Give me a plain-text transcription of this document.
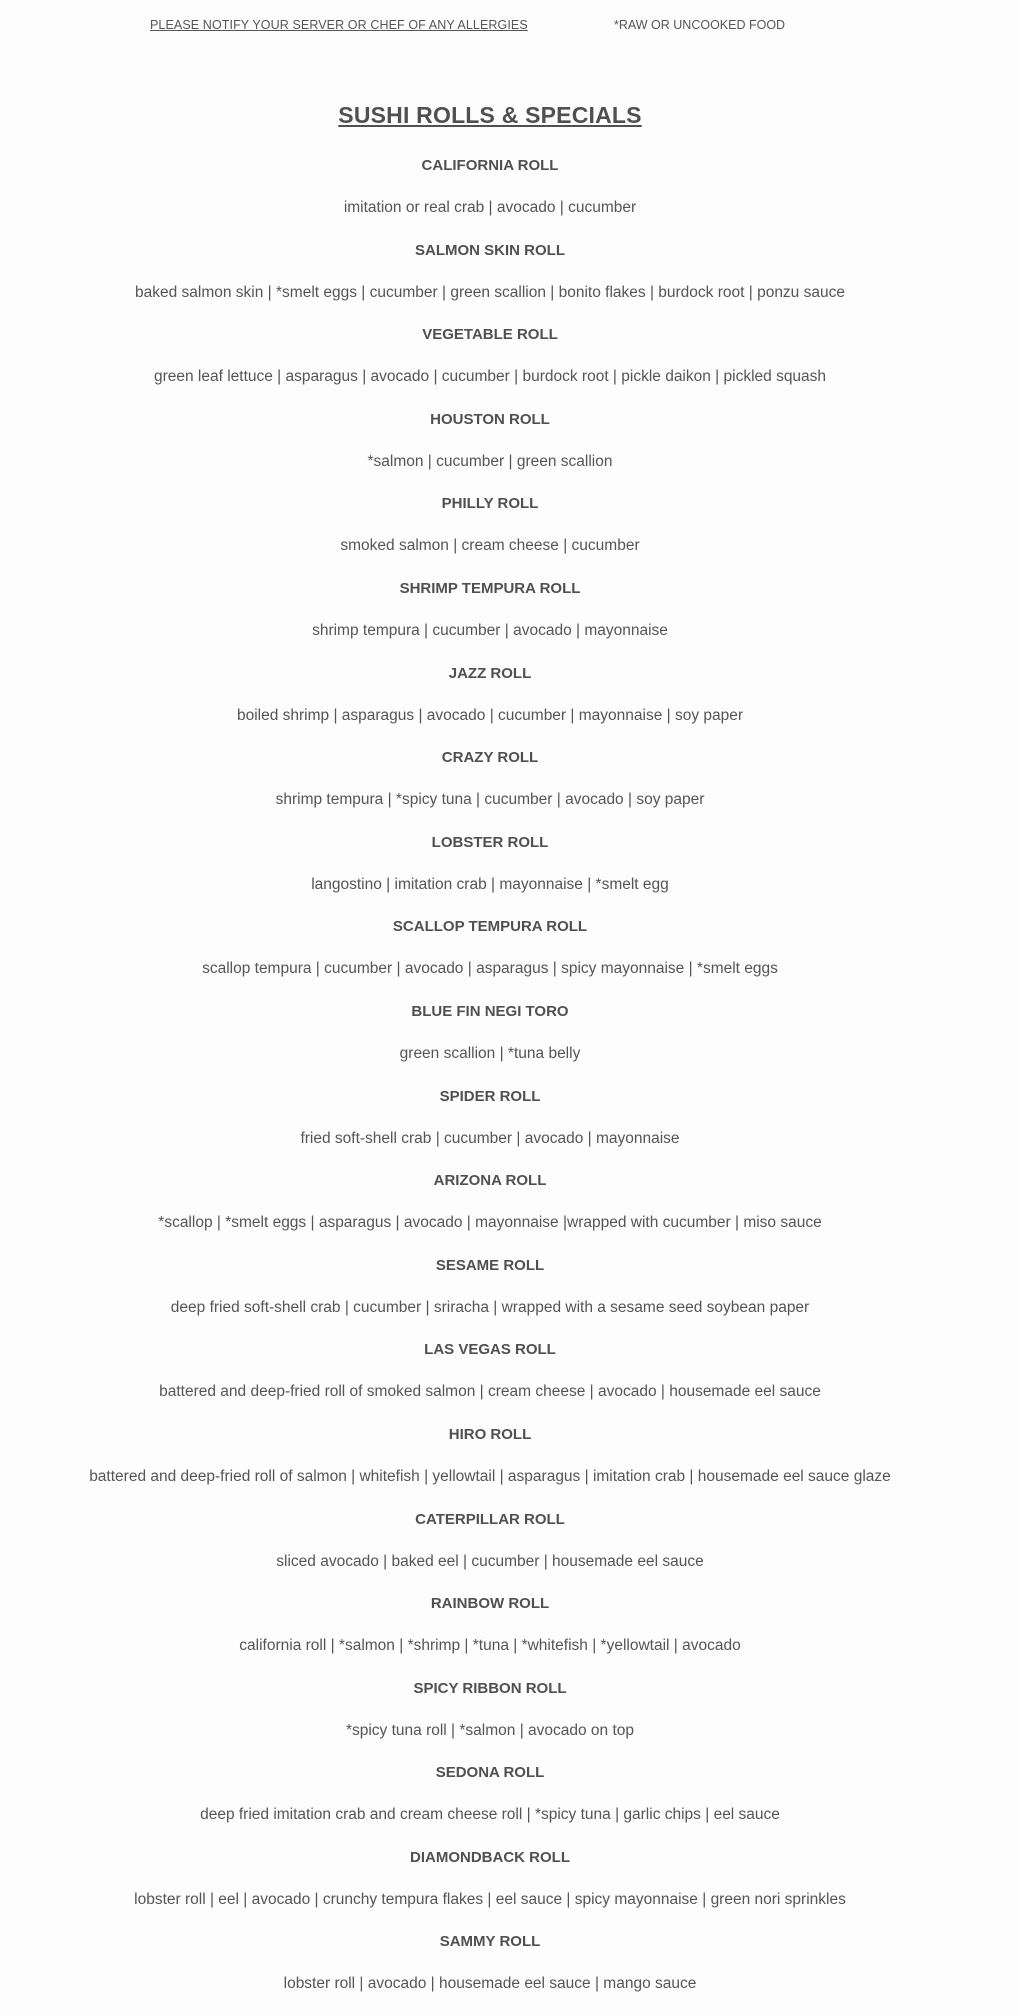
PLEASE NOTIFY YOUR SERVER OR CHEF OF ANY ALLERGIES	*RAW OR UNCOOKED FOOD
SUSHI ROLLS & SPECIALS
CALIFORNIA ROLL
imitation or real crab | avocado | cucumber
SALMON SKIN ROLL
baked salmon skin | *smelt eggs | cucumber | green scallion | bonito flakes | burdock root | ponzu sauce
VEGETABLE ROLL
green leaf lettuce | asparagus | avocado | cucumber | burdock root | pickle daikon | pickled squash
HOUSTON ROLL
*salmon | cucumber | green scallion
PHILLY ROLL
smoked salmon | cream cheese | cucumber
SHRIMP TEMPURA ROLL
shrimp tempura | cucumber | avocado | mayonnaise
JAZZ ROLL
boiled shrimp | asparagus | avocado | cucumber | mayonnaise | soy paper
CRAZY ROLL
shrimp tempura | *spicy tuna | cucumber | avocado | soy paper
LOBSTER ROLL
langostino | imitation crab | mayonnaise | *smelt egg
SCALLOP TEMPURA ROLL
scallop tempura | cucumber | avocado | asparagus | spicy mayonnaise | *smelt eggs
BLUE FIN NEGI TORO
green scallion | *tuna belly
SPIDER ROLL
fried soft-shell crab | cucumber | avocado | mayonnaise
ARIZONA ROLL
*scallop | *smelt eggs | asparagus | avocado | mayonnaise |wrapped with cucumber | miso sauce
SESAME ROLL
deep fried soft-shell crab | cucumber | sriracha | wrapped with a sesame seed soybean paper
LAS VEGAS ROLL
battered and deep-fried roll of smoked salmon | cream cheese | avocado | housemade eel sauce
HIRO ROLL
battered and deep-fried roll of salmon | whitefish | yellowtail | asparagus | imitation crab | housemade eel sauce glaze
CATERPILLAR ROLL
sliced avocado | baked eel | cucumber | housemade eel sauce
RAINBOW ROLL
california roll | *salmon | *shrimp | *tuna | *whitefish | *yellowtail | avocado
SPICY RIBBON ROLL
*spicy tuna roll | *salmon | avocado on top
SEDONA ROLL
deep fried imitation crab and cream cheese roll | *spicy tuna | garlic chips | eel sauce
DIAMONDBACK ROLL
lobster roll | eel | avocado | crunchy tempura flakes | eel sauce | spicy mayonnaise | green nori sprinkles
SAMMY ROLL
lobster roll | avocado | housemade eel sauce | mango sauce
